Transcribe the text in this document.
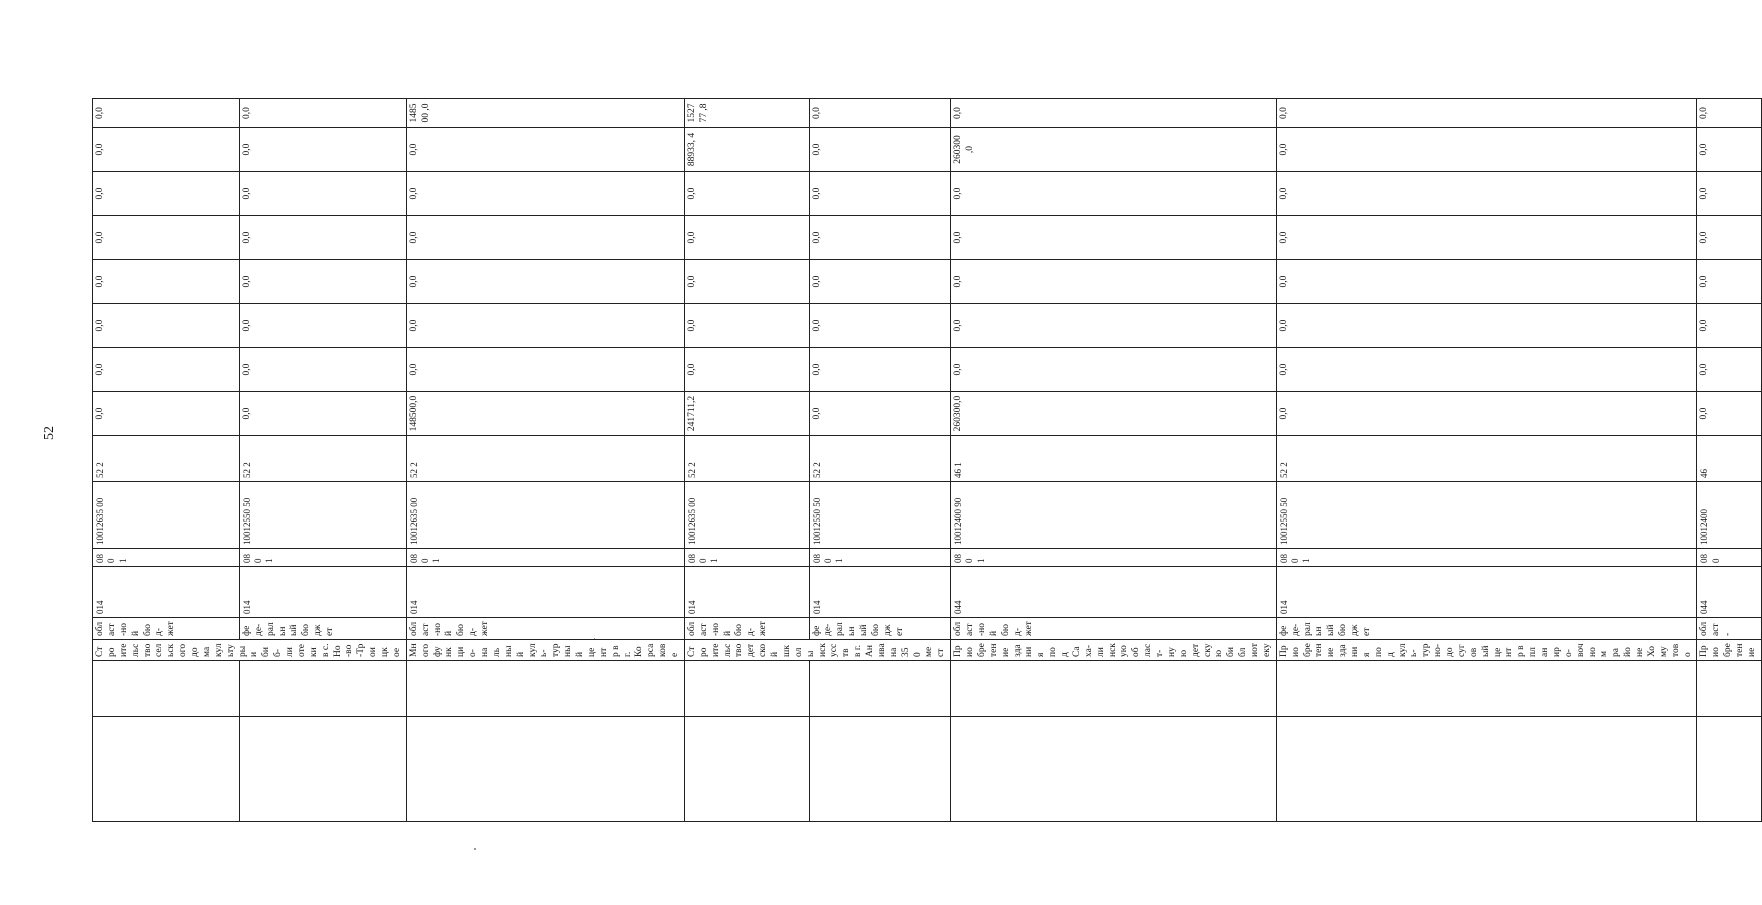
52
		Строительство сельского дома культуры и биб-лиотеки в с. Но-во-Троицкое	област-ной бюд-жет	014	080 1	10012635 00	52 2	0,0	0,0	0,0	0,0	0,0	0,0	0,0	0,0
			феде-ральный бюджет	014	080 1	10012550 50	52 2	0,0	0,0	0,0	0,0	0,0	0,0	0,0	0,0
		Многофункцио-нальный куль-турный центр в г. Корсакове	област-ной бюд-жет	014	080 1	10012635 00	52 2	148500,0	0,0	0,0	0,0	0,0	0,0	0,0	148500 ,0
		Строительство детской школы искусств в г. Анива на 350 мест	област-ной бюд-жет	014	080 1	10012635 00	52 2	241711,2	0,0	0,0	0,0	0,0	0,0	88933, 4	152777 ,8
			феде-ральный бюджет	014	080 1	10012550 50	52 2	0,0	0,0	0,0	0,0	0,0	0,0	0,0	0,0
		Приобретение здания под Саха-линскую област-ную детскую библиотеку	област-ной бюд-жет	044	080 1	10012400 90	46 1	260300,0	0,0	0,0	0,0	0,0	0,0	260300 ,0	0,0
		Приобретение здания под куль-турно-досуговый центр в планиро-вочном районе Хомутово	феде-ральный бюджет	014	080 1	10012550 50	52 2	0,0	0,0	0,0	0,0	0,0	0,0	0,0	0,0
		Приобретение	област-	044	080	10012400	46	0,0	0,0	0,0	0,0	0,0	0,0	0,0	0,0
